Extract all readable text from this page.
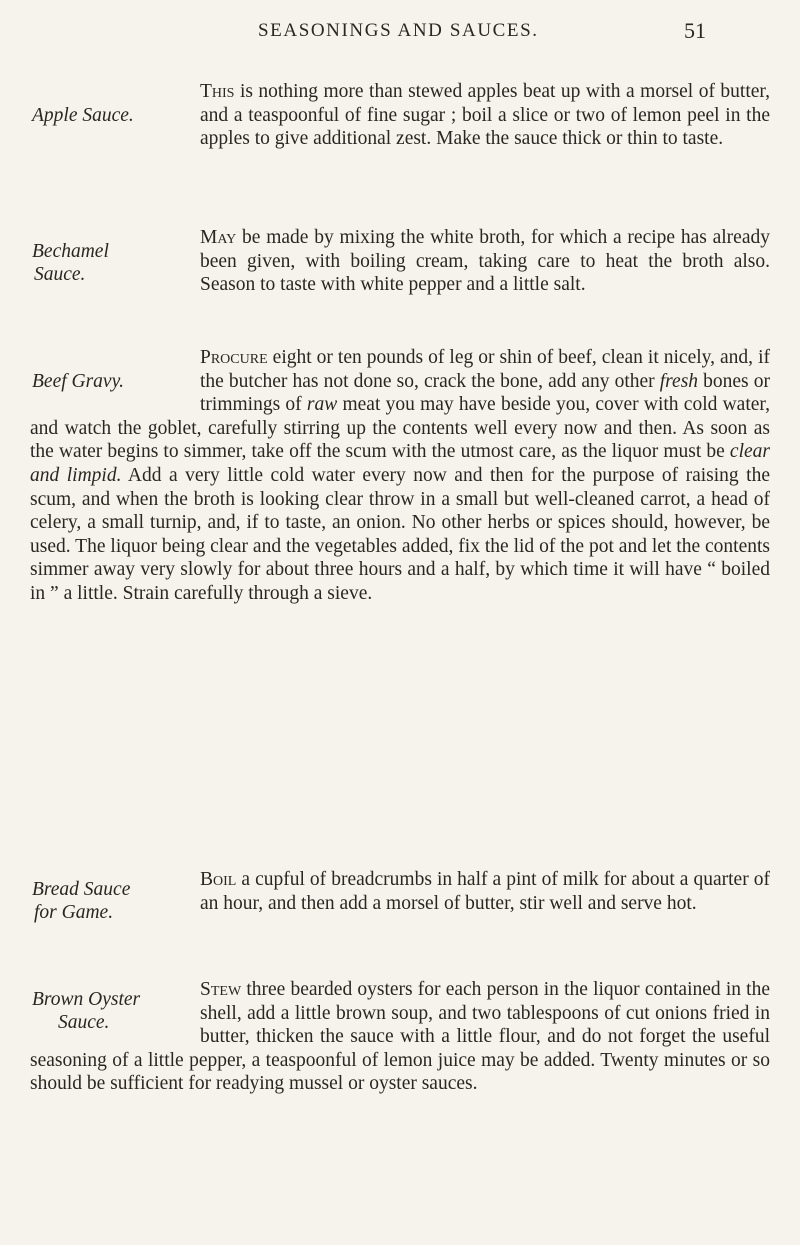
SEASONINGS AND SAUCES.	51
Apple Sauce.

This is nothing more than stewed apples beat up with a morsel of butter, and a teaspoonful of fine sugar ; boil a slice or two of lemon peel in the apples to give additional zest. Make the sauce thick or thin to taste.

Bechamel
Sauce.

May be made by mixing the white broth, for which a recipe has already been given, with boiling cream, taking care to heat the broth also. Season to taste with white pepper and a little salt.

Beef Gravy.

Procure eight or ten pounds of leg or shin of beef, clean it nicely, and, if the butcher has not done so, crack the bone, add any other fresh bones or trimmings of raw meat you may have beside you, cover with cold water, and watch the goblet, carefully stirring up the contents well every now and then. As soon as the water begins to simmer, take off the scum with the utmost care, as the liquor must be clear and limpid. Add a very little cold water every now and then for the purpose of raising the scum, and when the broth is looking clear throw in a small but well-cleaned carrot, a head of celery, a small turnip, and, if to taste, an onion. No other herbs or spices should, however, be used. The liquor being clear and the vegetables added, fix the lid of the pot and let the contents simmer away very slowly for about three hours and a half, by which time it will have “ boiled in ” a little. Strain carefully through a sieve.

Bread Sauce
for Game.

Boil a cupful of breadcrumbs in half a pint of milk for about a quarter of an hour, and then add a morsel of butter, stir well and serve hot.

Brown Oyster
Sauce.

Stew three bearded oysters for each person in the liquor contained in the shell, add a little brown soup, and two tablespoons of cut onions fried in butter, thicken the sauce with a little flour, and do not forget the useful seasoning of a little pepper, a teaspoonful of lemon juice may be added. Twenty minutes or so should be sufficient for readying mussel or oyster sauces.
